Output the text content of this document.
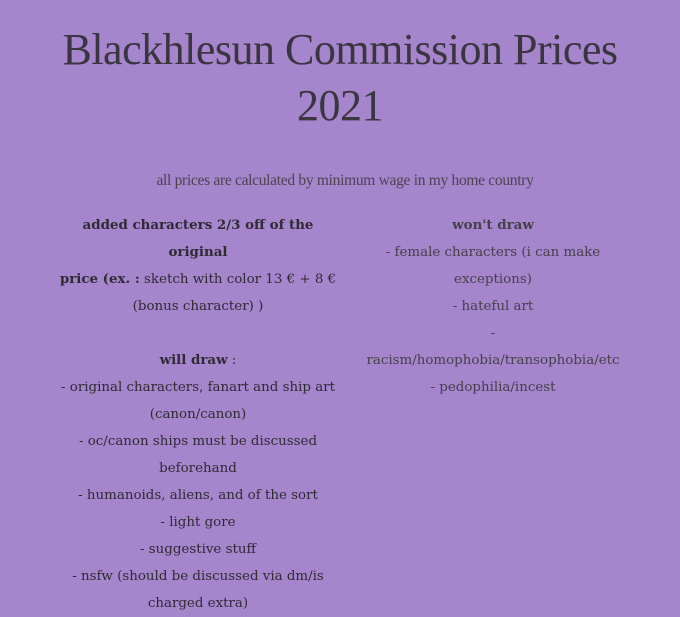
Blackhlesun Commission Prices
2021
all prices are calculated by minimum wage in my home country
added characters 2/3 off of the original
price (ex. : sketch with color 13 € + 8 €
(bonus character) )
will draw :
- original characters, fanart and ship art
(canon/canon)
- oc/canon ships must be discussed
beforehand
- humanoids, aliens, and of the sort
- light gore
- suggestive stuff
- nsfw (should be discussed via dm/is
charged extra)
won't draw
- female characters (i can make
exceptions)
- hateful art
-
racism/homophobia/transophobia/etc
- pedophilia/incest
